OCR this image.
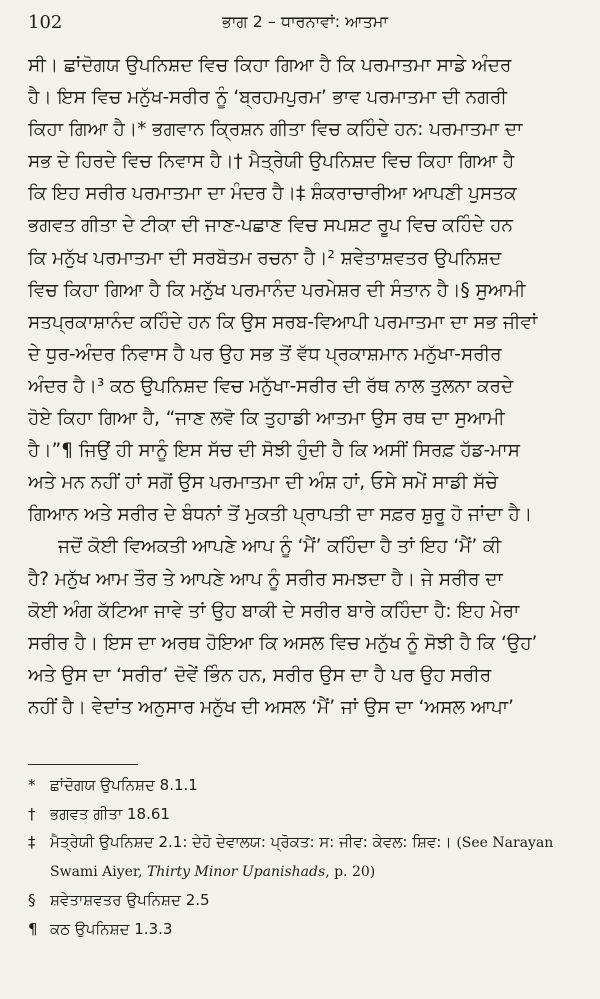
102	ਭਾਗ 2 – ਧਾਰਨਾਵਾਂ: ਆਤਮਾ
ਸੀ। ਛਾਂਦੋਗਯ ਉਪਨਿਸ਼ਦ ਵਿਚ ਕਿਹਾ ਗਿਆ ਹੈ ਕਿ ਪਰਮਾਤਮਾ ਸਾਡੇ ਅੰਦਰ
ਹੈ। ਇਸ ਵਿਚ ਮਨੁੱਖ-ਸਰੀਰ ਨੂੰ ‘ਬ੍ਰਹਮਪੁਰਮ’ ਭਾਵ ਪਰਮਾਤਮਾ ਦੀ ਨਗਰੀ
ਕਿਹਾ ਗਿਆ ਹੈ।* ਭਗਵਾਨ ਕ੍ਰਿਸ਼ਨ ਗੀਤਾ ਵਿਚ ਕਹਿੰਦੇ ਹਨ: ਪਰਮਾਤਮਾ ਦਾ
ਸਭ ਦੇ ਹਿਰਦੇ ਵਿਚ ਨਿਵਾਸ ਹੈ।† ਮੈਤ੍ਰੇਯੀ ਉਪਨਿਸ਼ਦ ਵਿਚ ਕਿਹਾ ਗਿਆ ਹੈ
ਕਿ ਇਹ ਸਰੀਰ ਪਰਮਾਤਮਾ ਦਾ ਮੰਦਰ ਹੈ।‡ ਸ਼ੰਕਰਾਚਾਰੀਆ ਆਪਣੀ ਪੁਸਤਕ
ਭਗਵਤ ਗੀਤਾ ਦੇ ਟੀਕਾ ਦੀ ਜਾਣ-ਪਛਾਣ ਵਿਚ ਸਪਸ਼ਟ ਰੂਪ ਵਿਚ ਕਹਿੰਦੇ ਹਨ
ਕਿ ਮਨੁੱਖ ਪਰਮਾਤਮਾ ਦੀ ਸਰਬੋਤਮ ਰਚਨਾ ਹੈ।² ਸ਼ਵੇਤਾਸ਼ਵਤਰ ਉਪਨਿਸ਼ਦ
ਵਿਚ ਕਿਹਾ ਗਿਆ ਹੈ ਕਿ ਮਨੁੱਖ ਪਰਮਾਨੰਦ ਪਰਮੇਸ਼ਰ ਦੀ ਸੰਤਾਨ ਹੈ।§ ਸੁਆਮੀ
ਸਤਪ੍ਰਕਾਸ਼ਾਨੰਦ ਕਹਿੰਦੇ ਹਨ ਕਿ ਉਸ ਸਰਬ-ਵਿਆਪੀ ਪਰਮਾਤਮਾ ਦਾ ਸਭ ਜੀਵਾਂ
ਦੇ ਧੁਰ-ਅੰਦਰ ਨਿਵਾਸ ਹੈ ਪਰ ਉਹ ਸਭ ਤੋਂ ਵੱਧ ਪ੍ਰਕਾਸ਼ਮਾਨ ਮਨੁੱਖਾ-ਸਰੀਰ
ਅੰਦਰ ਹੈ।³ ਕਠ ਉਪਨਿਸ਼ਦ ਵਿਚ ਮਨੁੱਖਾ-ਸਰੀਰ ਦੀ ਰੱਥ ਨਾਲ ਤੁਲਨਾ ਕਰਦੇ
ਹੋਏ ਕਿਹਾ ਗਿਆ ਹੈ, “ਜਾਣ ਲਵੋ ਕਿ ਤੁਹਾਡੀ ਆਤਮਾ ਉਸ ਰਥ ਦਾ ਸੁਆਮੀ
ਹੈ।”¶ ਜਿਉਂ ਹੀ ਸਾਨੂੰ ਇਸ ਸੱਚ ਦੀ ਸੋਝੀ ਹੁੰਦੀ ਹੈ ਕਿ ਅਸੀਂ ਸਿਰਫ਼ ਹੱਡ-ਮਾਸ
ਅਤੇ ਮਨ ਨਹੀਂ ਹਾਂ ਸਗੋਂ ਉਸ ਪਰਮਾਤਮਾ ਦੀ ਅੰਸ਼ ਹਾਂ, ਓਸੇ ਸਮੇਂ ਸਾਡੀ ਸੱਚੇ
ਗਿਆਨ ਅਤੇ ਸਰੀਰ ਦੇ ਬੰਧਨਾਂ ਤੋਂ ਮੁਕਤੀ ਪ੍ਰਾਪਤੀ ਦਾ ਸਫ਼ਰ ਸ਼ੁਰੂ ਹੋ ਜਾਂਦਾ ਹੈ।
ਜਦੋਂ ਕੋਈ ਵਿਅਕਤੀ ਆਪਣੇ ਆਪ ਨੂੰ ‘ਮੈਂ’ ਕਹਿੰਦਾ ਹੈ ਤਾਂ ਇਹ ‘ਮੈਂ’ ਕੀ
ਹੈ? ਮਨੁੱਖ ਆਮ ਤੌਰ ਤੇ ਆਪਣੇ ਆਪ ਨੂੰ ਸਰੀਰ ਸਮਝਦਾ ਹੈ। ਜੇ ਸਰੀਰ ਦਾ
ਕੋਈ ਅੰਗ ਕੱਟਿਆ ਜਾਵੇ ਤਾਂ ਉਹ ਬਾਕੀ ਦੇ ਸਰੀਰ ਬਾਰੇ ਕਹਿੰਦਾ ਹੈ: ਇਹ ਮੇਰਾ
ਸਰੀਰ ਹੈ। ਇਸ ਦਾ ਅਰਥ ਹੋਇਆ ਕਿ ਅਸਲ ਵਿਚ ਮਨੁੱਖ ਨੂੰ ਸੋਝੀ ਹੈ ਕਿ ‘ਉਹ’
ਅਤੇ ਉਸ ਦਾ ‘ਸਰੀਰ’ ਦੋਵੇਂ ਭਿੰਨ ਹਨ, ਸਰੀਰ ਉਸ ਦਾ ਹੈ ਪਰ ਉਹ ਸਰੀਰ
ਨਹੀਂ ਹੈ। ਵੇਦਾਂਤ ਅਨੁਸਾਰ ਮਨੁੱਖ ਦੀ ਅਸਲ ‘ਮੈਂ’ ਜਾਂ ਉਸ ਦਾ ‘ਅਸਲ ਆਪਾ’
* ਛਾਂਦੋਗਯ ਉਪਨਿਸ਼ਦ 8.1.1
† ਭਗਵਤ ਗੀਤਾ 18.61
‡ ਮੈਤ੍ਰੇਯੀ ਉਪਨਿਸ਼ਦ 2.1: ਦੇਹੋ ਦੇਵਾਲਯ: ਪ੍ਰੋਕਤ: ਸ: ਜੀਵ: ਕੇਵਲ: ਸ਼ਿਵ:। (See Narayan
Swami Aiyer, Thirty Minor Upanishads, p. 20)
§ ਸ਼ਵੇਤਾਸ਼ਵਤਰ ਉਪਨਿਸ਼ਦ 2.5
¶ ਕਠ ਉਪਨਿਸ਼ਦ 1.3.3
